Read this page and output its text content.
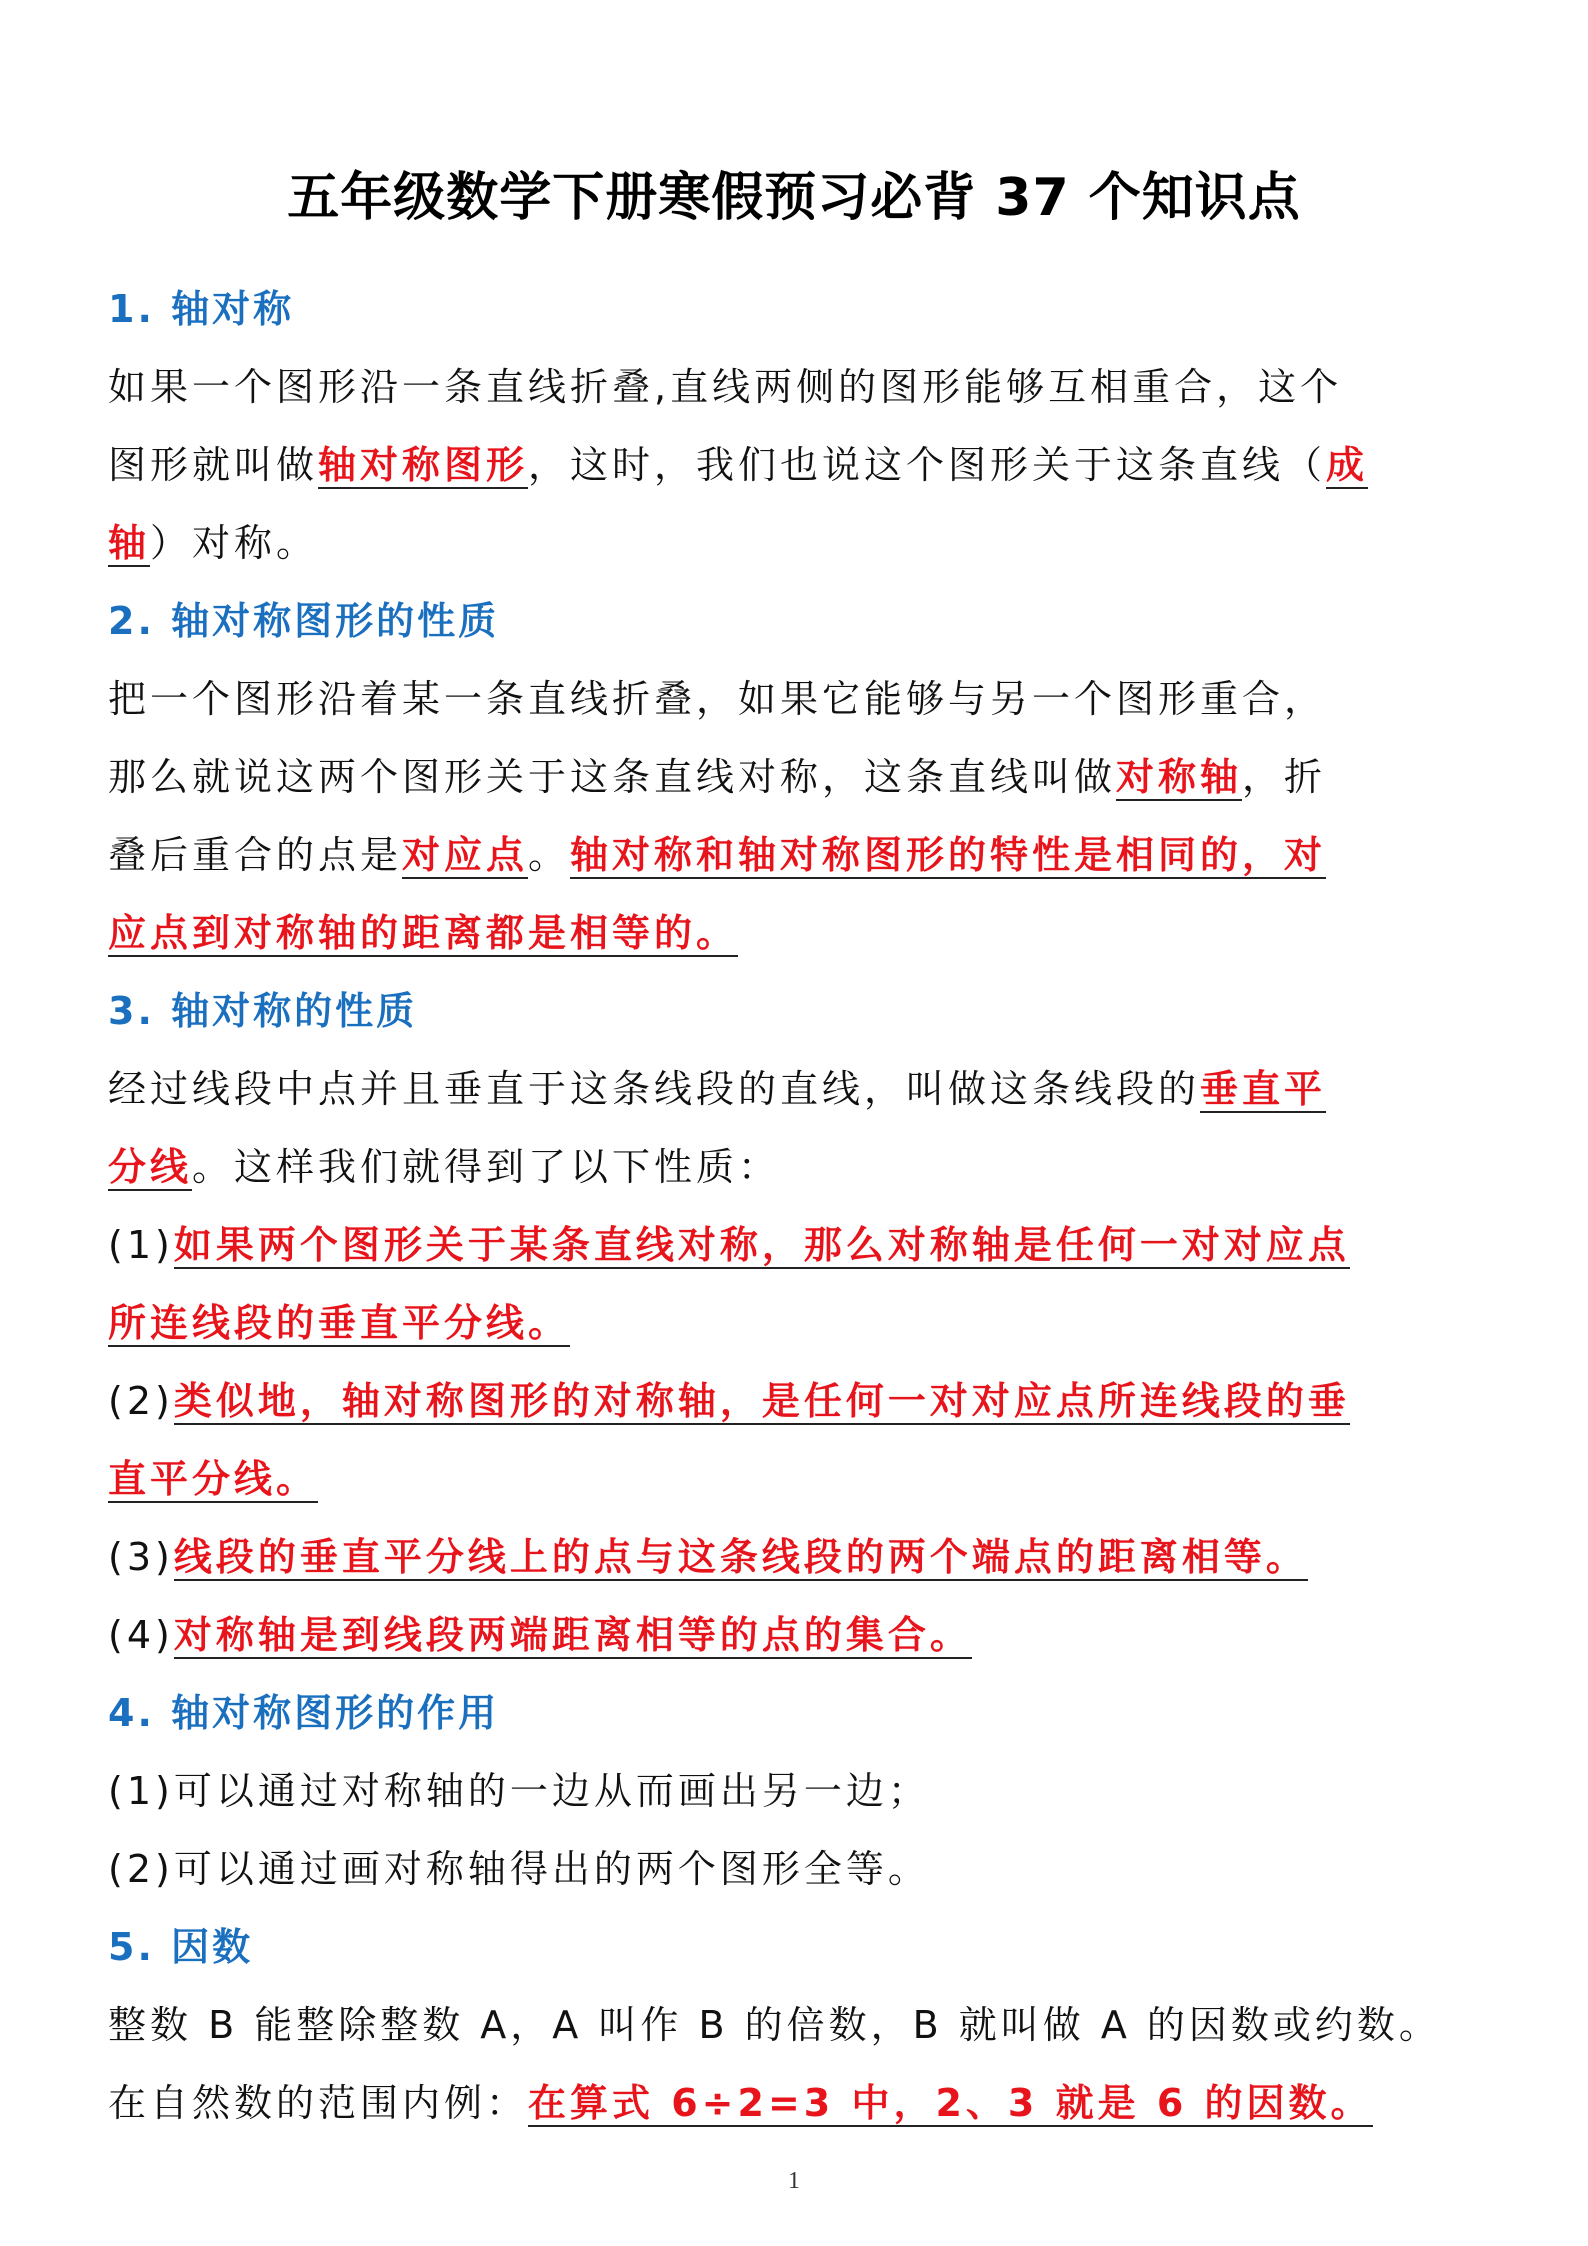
五年级数学下册寒假预习必背 37 个知识点
1. 轴对称
如果一个图形沿一条直线折叠,直线两侧的图形能够互相重合，这个
图形就叫做轴对称图形，这时，我们也说这个图形关于这条直线（成
轴）对称。
2. 轴对称图形的性质
把一个图形沿着某一条直线折叠，如果它能够与另一个图形重合，
那么就说这两个图形关于这条直线对称，这条直线叫做对称轴，折
叠后重合的点是对应点。轴对称和轴对称图形的特性是相同的，对
应点到对称轴的距离都是相等的。
3. 轴对称的性质
经过线段中点并且垂直于这条线段的直线，叫做这条线段的垂直平
分线。这样我们就得到了以下性质：
(1)如果两个图形关于某条直线对称，那么对称轴是任何一对对应点
所连线段的垂直平分线。
(2)类似地，轴对称图形的对称轴，是任何一对对应点所连线段的垂
直平分线。
(3)线段的垂直平分线上的点与这条线段的两个端点的距离相等。
(4)对称轴是到线段两端距离相等的点的集合。
4. 轴对称图形的作用
(1)可以通过对称轴的一边从而画出另一边；
(2)可以通过画对称轴得出的两个图形全等。
5. 因数
整数 B 能整除整数 A，A 叫作 B 的倍数，B 就叫做 A 的因数或约数。
在自然数的范围内例：在算式 6÷2=3 中，2、3 就是 6 的因数。
1
